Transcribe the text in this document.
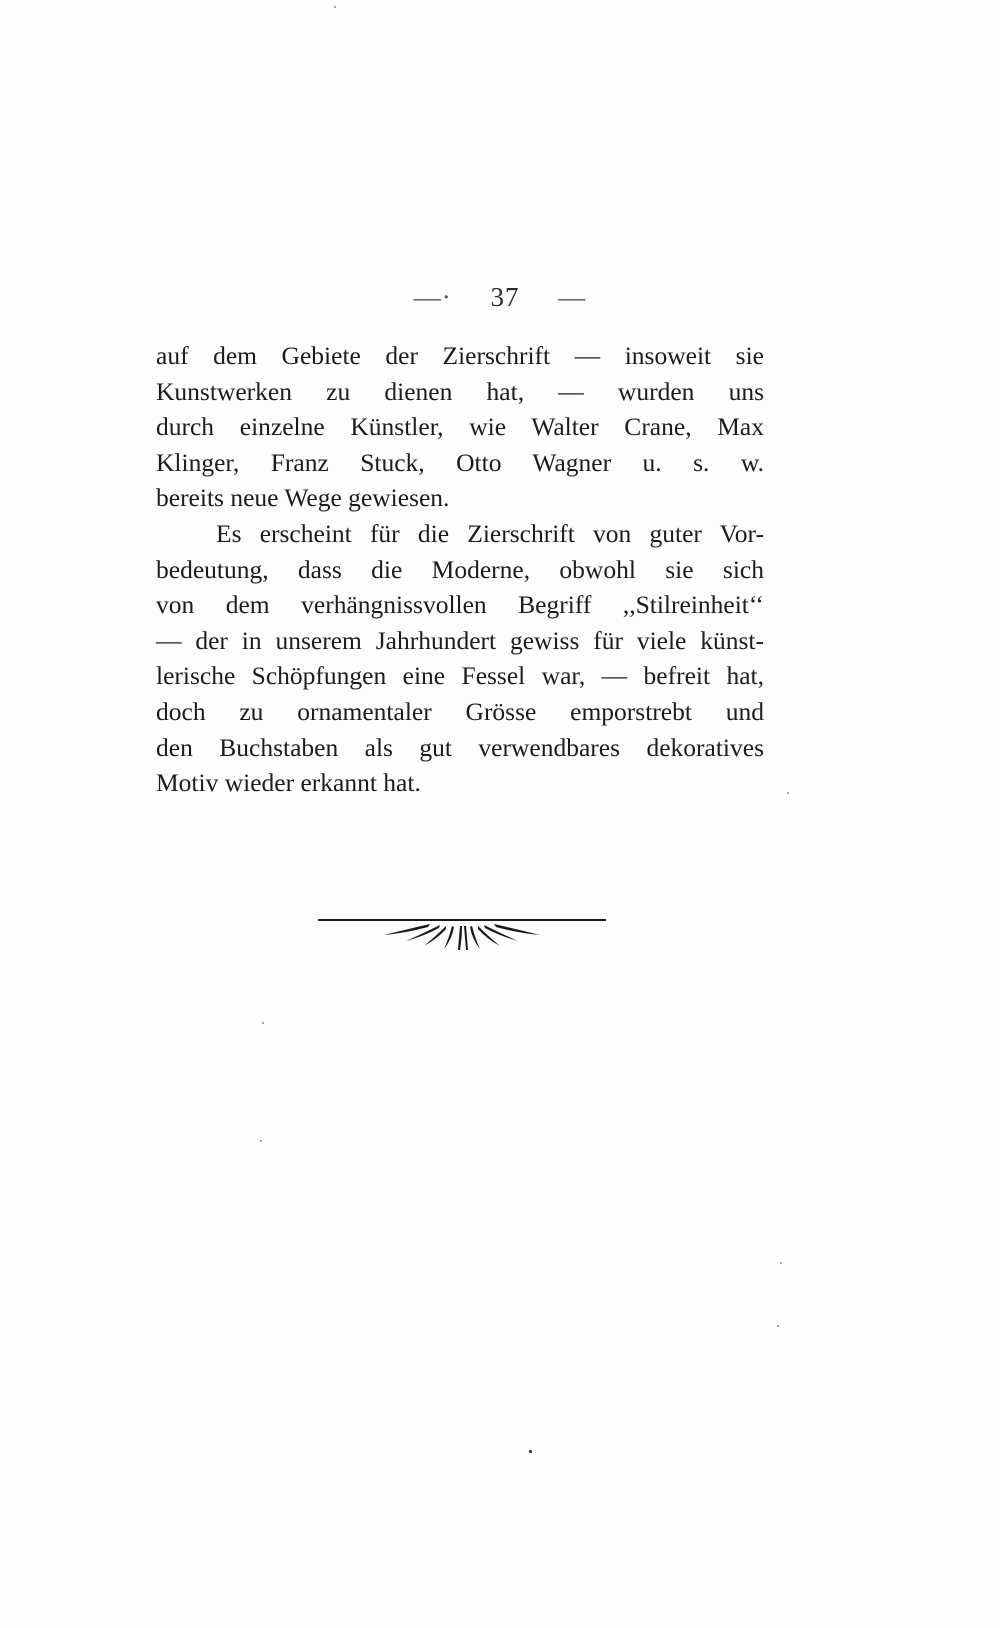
—· 37 —
auf dem Gebiete der Zierschrift — insoweit sie
Kunstwerken zu dienen hat, — wurden uns
durch einzelne Künstler, wie Walter Crane, Max
Klinger, Franz Stuck, Otto Wagner u. s. w.
bereits neue Wege gewiesen.
Es erscheint für die Zierschrift von guter Vor-
bedeutung, dass die Moderne, obwohl sie sich
von dem verhängnissvollen Begriff ,,Stilreinheit‘‘
— der in unserem Jahrhundert gewiss für viele künst-
lerische Schöpfungen eine Fessel war, — befreit hat,
doch zu ornamentaler Grösse emporstrebt und
den Buchstaben als gut verwendbares dekoratives
Motiv wieder erkannt hat.
